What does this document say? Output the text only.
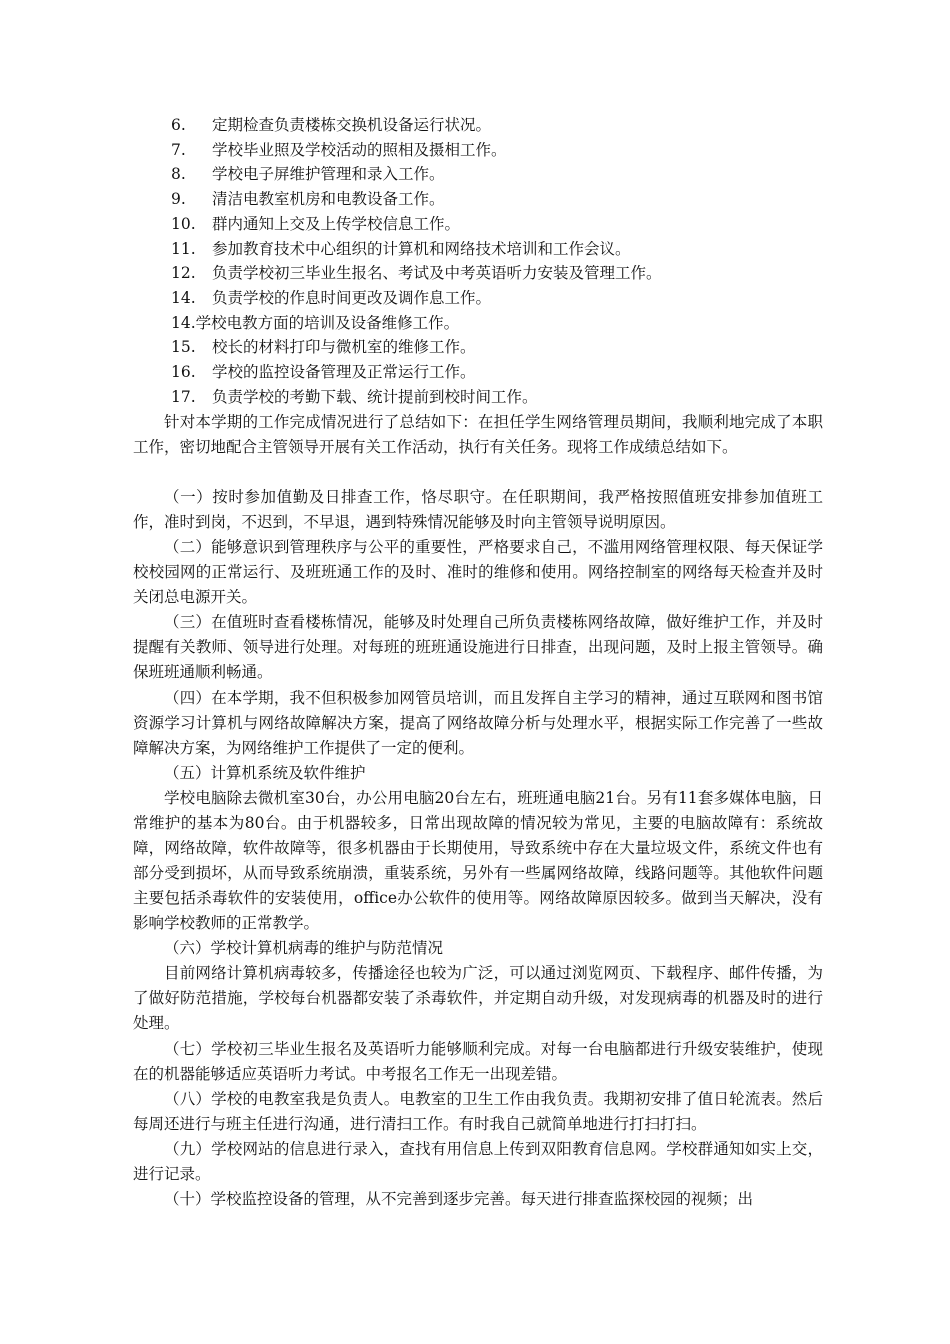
6. 定期检查负责楼栋交换机设备运行状况。
7. 学校毕业照及学校活动的照相及摄相工作。
8. 学校电子屏维护管理和录入工作。
9. 清洁电教室机房和电教设备工作。
10. 群内通知上交及上传学校信息工作。
11. 参加教育技术中心组织的计算机和网络技术培训和工作会议。
12. 负责学校初三毕业生报名、考试及中考英语听力安装及管理工作。
14. 负责学校的作息时间更改及调作息工作。
14.学校电教方面的培训及设备维修工作。
15. 校长的材料打印与微机室的维修工作。
16. 学校的监控设备管理及正常运行工作。
17. 负责学校的考勤下载、统计提前到校时间工作。

针对本学期的工作完成情况进行了总结如下：在担任学生网络管理员期间，我顺利地完成了本职工作，密切地配合主管领导开展有关工作活动，执行有关任务。现将工作成绩总结如下。

（一）按时参加值勤及日排查工作，恪尽职守。在任职期间，我严格按照值班安排参加值班工作，准时到岗，不迟到，不早退，遇到特殊情况能够及时向主管领导说明原因。

（二）能够意识到管理秩序与公平的重要性，严格要求自己，不滥用网络管理权限、每天保证学校校园网的正常运行、及班班通工作的及时、准时的维修和使用。网络控制室的网络每天检查并及时关闭总电源开关。

（三）在值班时查看楼栋情况，能够及时处理自己所负责楼栋网络故障，做好维护工作，并及时提醒有关教师、领导进行处理。对每班的班班通设施进行日排查，出现问题，及时上报主管领导。确保班班通顺利畅通。

（四）在本学期，我不但积极参加网管员培训，而且发挥自主学习的精神，通过互联网和图书馆资源学习计算机与网络故障解决方案，提高了网络故障分析与处理水平，根据实际工作完善了一些故障解决方案，为网络维护工作提供了一定的便利。

（五）计算机系统及软件维护

学校电脑除去微机室30台，办公用电脑20台左右，班班通电脑21台。另有11套多媒体电脑，日常维护的基本为80台。由于机器较多，日常出现故障的情况较为常见，主要的电脑故障有：系统故障，网络故障，软件故障等，很多机器由于长期使用，导致系统中存在大量垃圾文件，系统文件也有部分受到损坏，从而导致系统崩溃，重装系统，另外有一些属网络故障，线路问题等。其他软件问题主要包括杀毒软件的安装使用，office办公软件的使用等。网络故障原因较多。做到当天解决，没有影响学校教师的正常教学。

（六）学校计算机病毒的维护与防范情况

目前网络计算机病毒较多，传播途径也较为广泛，可以通过浏览网页、下载程序、邮件传播，为了做好防范措施，学校每台机器都安装了杀毒软件，并定期自动升级，对发现病毒的机器及时的进行处理。

（七）学校初三毕业生报名及英语听力能够顺利完成。对每一台电脑都进行升级安装维护，使现在的机器能够适应英语听力考试。中考报名工作无一出现差错。

（八）学校的电教室我是负责人。电教室的卫生工作由我负责。我期初安排了值日轮流表。然后每周还进行与班主任进行沟通，进行清扫工作。有时我自己就简单地进行打扫打扫。

（九）学校网站的信息进行录入，查找有用信息上传到双阳教育信息网。学校群通知如实上交，进行记录。

（十）学校监控设备的管理，从不完善到逐步完善。每天进行排查监探校园的视频；出
